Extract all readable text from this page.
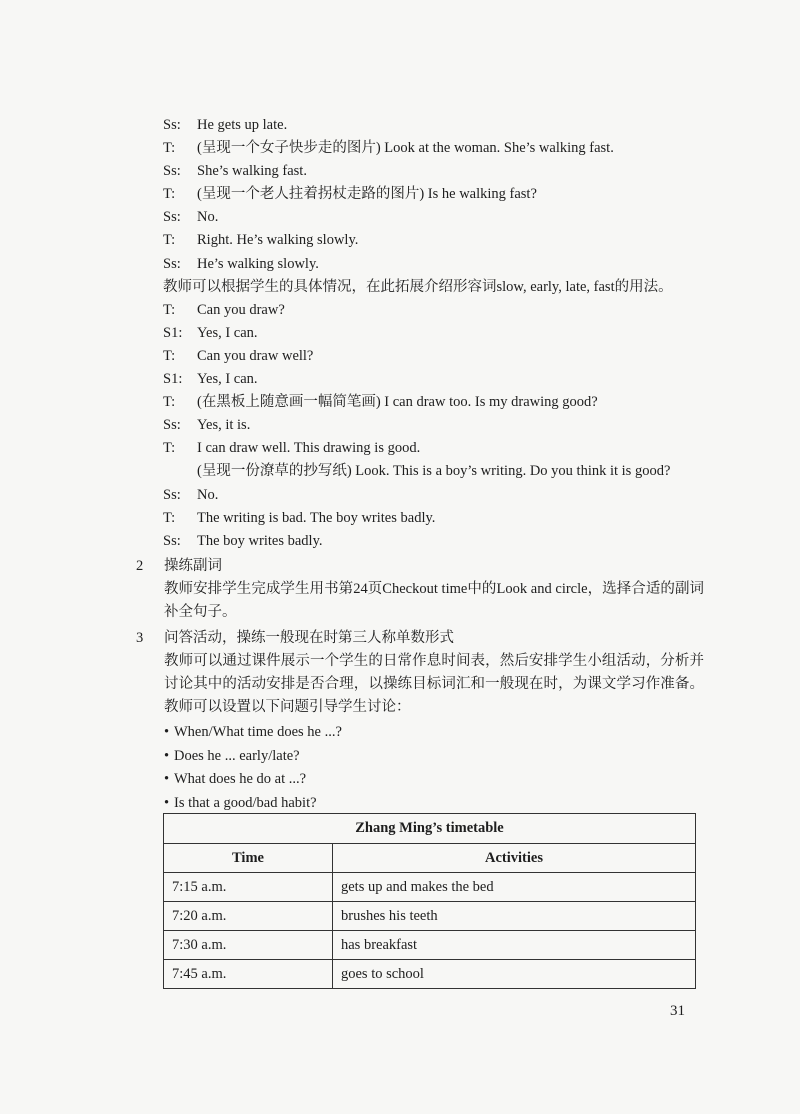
Ss:	He gets up late.
T:	(呈现一个女子快步走的图片) Look at the woman. She’s walking fast.
Ss:	She’s walking fast.
T:	(呈现一个老人拄着拐杖走路的图片) Is he walking fast?
Ss:	No.
T:	Right. He’s walking slowly.
Ss:	He’s walking slowly.
教师可以根据学生的具体情况，在此拓展介绍形容词slow, early, late, fast的用法。
T:	Can you draw?
S1:	Yes, I can.
T:	Can you draw well?
S1:	Yes, I can.
T:	(在黑板上随意画一幅简笔画) I can draw too. Is my drawing good?
Ss:	Yes, it is.
T:	I can draw well. This drawing is good.
(呈现一份潦草的抄写纸) Look. This is a boy’s writing. Do you think it is good?
Ss:	No.
T:	The writing is bad. The boy writes badly.
Ss:	The boy writes badly.
2 操练副词
教师安排学生完成学生用书第24页Checkout time中的Look and circle，选择合适的副词补全句子。
3 问答活动，操练一般现在时第三人称单数形式
教师可以通过课件展示一个学生的日常作息时间表，然后安排学生小组活动，分析并讨论其中的活动安排是否合理，以操练目标词汇和一般现在时，为课文学习作准备。教师可以设置以下问题引导学生讨论：
• When/What time does he ...?
• Does he ... early/late?
• What does he do at ...?
• Is that a good/bad habit?
Zhang Ming’s timetable	
Time	Activities
7:15 a.m.	gets up and makes the bed
7:20 a.m.	brushes his teeth
7:30 a.m.	has breakfast
7:45 a.m.	goes to school
31
